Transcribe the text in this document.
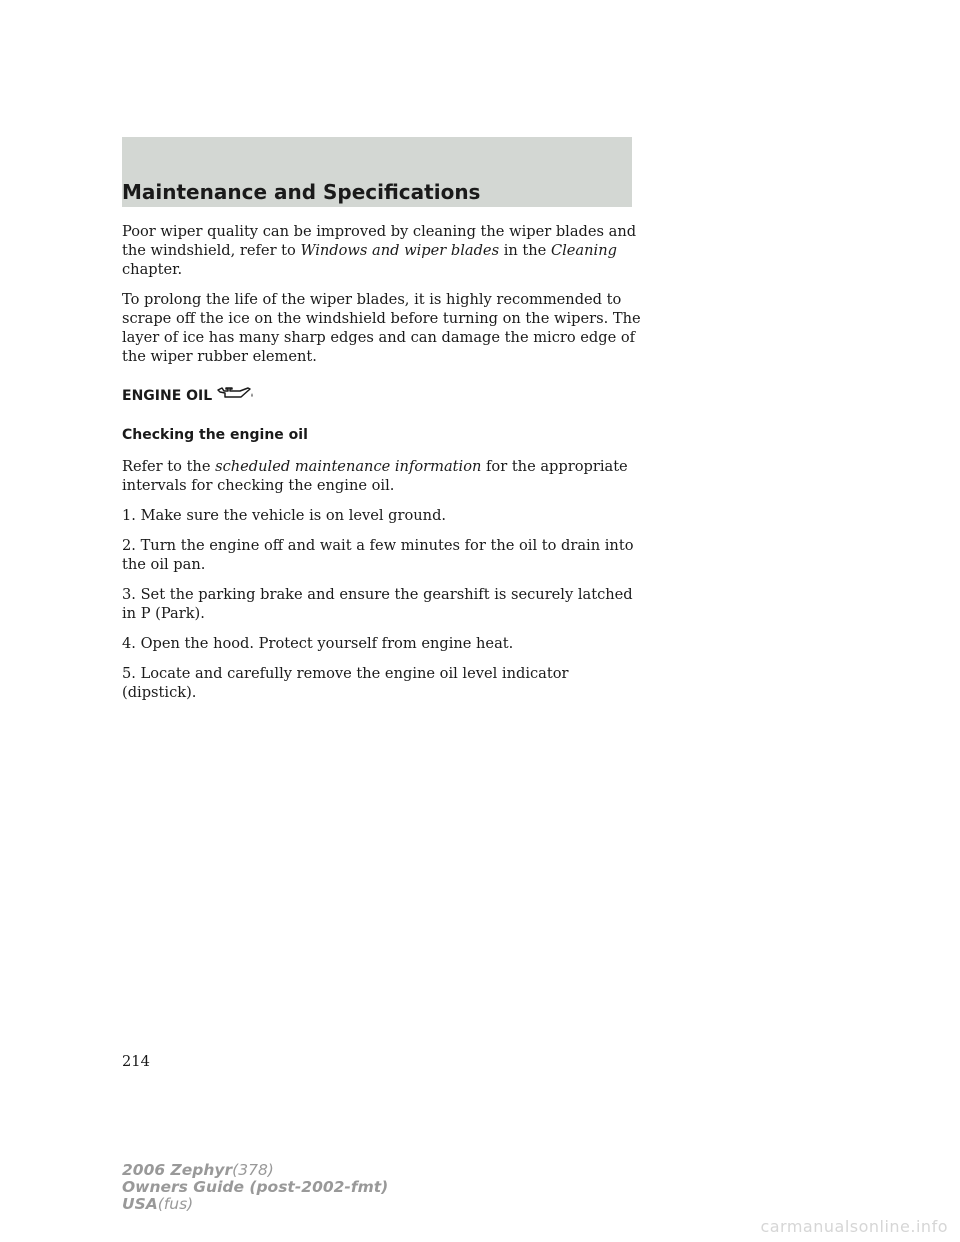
Maintenance and Specifications

Poor wiper quality can be improved by cleaning the wiper blades and the windshield, refer to Windows and wiper blades in the Cleaning chapter.

To prolong the life of the wiper blades, it is highly recommended to scrape off the ice on the windshield before turning on the wipers. The layer of ice has many sharp edges and can damage the micro edge of the wiper rubber element.

ENGINE OIL
Checking the engine oil

Refer to the scheduled maintenance information for the appropriate intervals for checking the engine oil.

1. Make sure the vehicle is on level ground.

2. Turn the engine off and wait a few minutes for the oil to drain into the oil pan.

3. Set the parking brake and ensure the gearshift is securely latched in P (Park).

4. Open the hood. Protect yourself from engine heat.

5. Locate and carefully remove the engine oil level indicator (dipstick).

214
2006 Zephyr(378)
Owners Guide (post-2002-fmt)
USA(fus)
carmanualsonline.info
